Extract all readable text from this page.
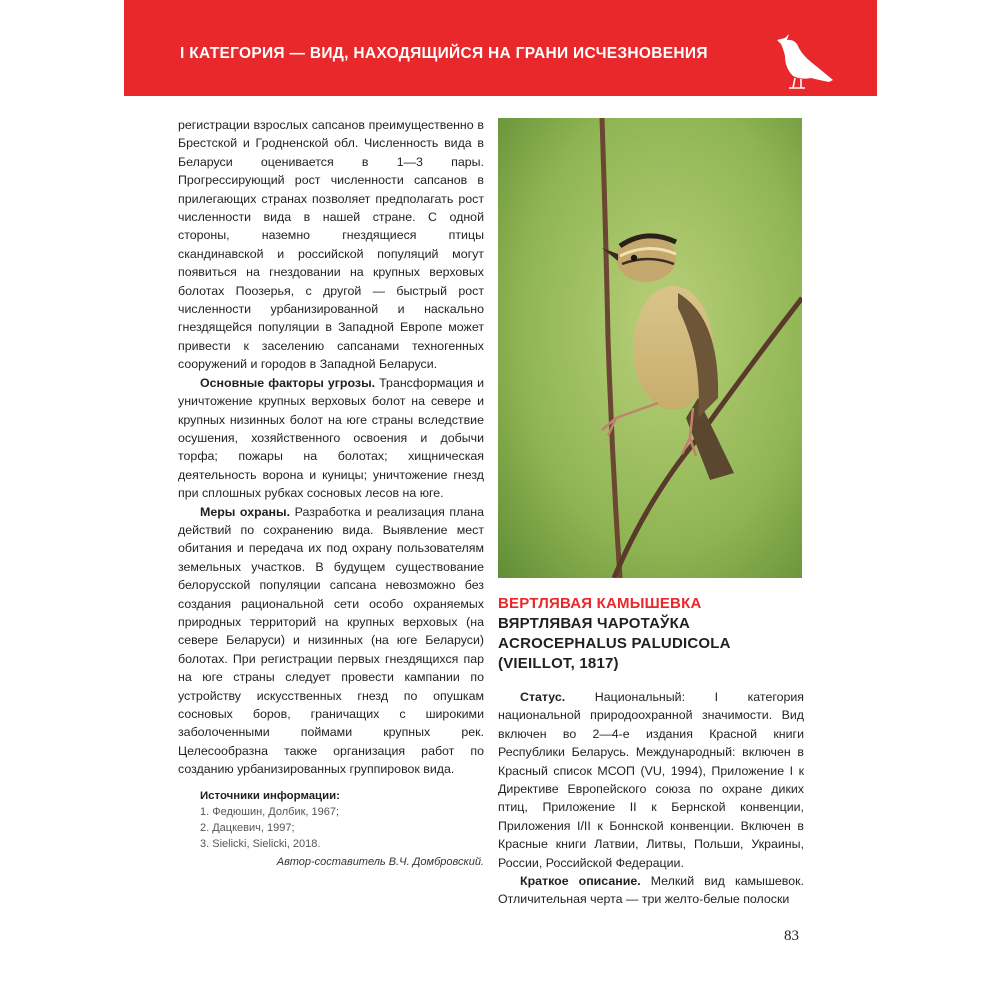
I КАТЕГОРИЯ — ВИД, НАХОДЯЩИЙСЯ НА ГРАНИ ИСЧЕЗНОВЕНИЯ

регистрации взрослых сапсанов преимущественно в Брестской и Гродненской обл. Численность вида в Беларуси оценивается в 1—3 пары. Прогрессирующий рост численности сапсанов в прилегающих странах позволяет предполагать рост численности вида в нашей стране. С одной стороны, наземно гнездящиеся птицы скандинавской и российской популяций могут появиться на гнездовании на крупных верховых болотах Поозерья, с другой — быстрый рост численности урбанизированной и наскально гнездящейся популяции в Западной Европе может привести к заселению сапсанами техногенных сооружений и городов в Западной Беларуси.

Основные факторы угрозы. Трансформация и уничтожение крупных верховых болот на севере и крупных низинных болот на юге страны вследствие осушения, хозяйственного освоения и добычи торфа; пожары на болотах; хищническая деятельность ворона и куницы; уничтожение гнезд при сплошных рубках сосновых лесов на юге.

Меры охраны. Разработка и реализация плана действий по сохранению вида. Выявление мест обитания и передача их под охрану пользователям земельных участков. В будущем существование белорусской популяции сапсана невозможно без создания рациональной сети особо охраняемых природных территорий на крупных верховых (на севере Беларуси) и низинных (на юге Беларуси) болотах. При регистрации первых гнездящихся пар на юге страны следует провести кампании по устройству искусственных гнезд по опушкам сосновых боров, граничащих с широкими заболоченными поймами крупных рек. Целесообразна также организация работ по созданию урбанизированных группировок вида.

Источники информации:
1. Федюшин, Долбик, 1967;
2. Дацкевич, 1997;
3. Sielicki, Sielicki, 2018.
Автор-составитель В.Ч. Домбровский.
ВЕРТЛЯВАЯ КАМЫШЕВКА
ВЯРТЛЯВАЯ ЧАРОТАЎКА
ACROCEPHALUS PALUDICOLA
(VIEILLOT, 1817)

Статус. Национальный: I категория национальной природоохранной значимости. Вид включен во 2—4-е издания Красной книги Республики Беларусь. Международный: включен в Красный список МСОП (VU, 1994), Приложение I к Директиве Европейского союза по охране диких птиц, Приложение II к Бернской конвенции, Приложения I/II к Боннской конвенции. Включен в Красные книги Латвии, Литвы, Польши, Украины, России, Российской Федерации.

Краткое описание. Мелкий вид камышевок. Отличительная черта — три желто-белые полоски

83
